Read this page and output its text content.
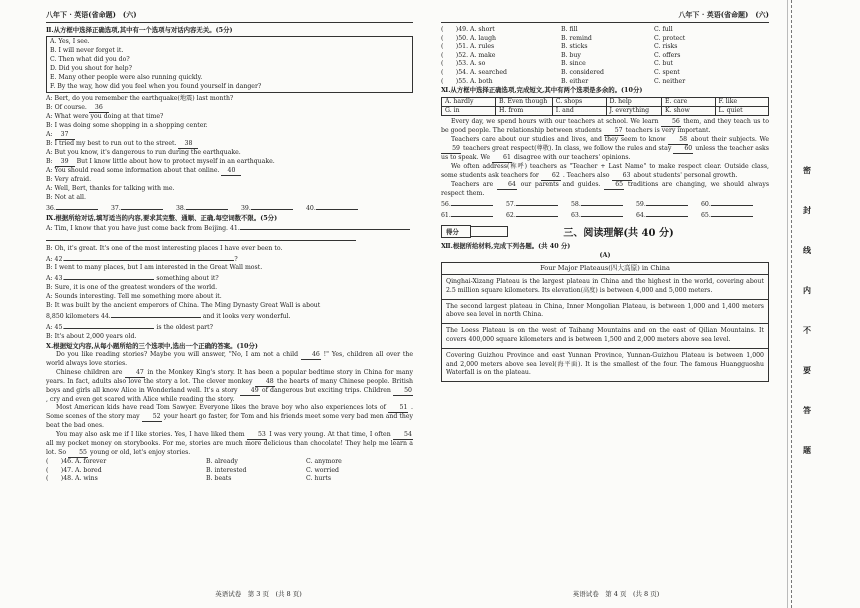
八年下 · 英语(省命题)　(六)
Ⅱ.从方框中选择正确选项,其中有一个选项与对话内容无关。(5分)
A. Yes, I see.
B. I will never forget it.
C. Then what did you do?
D. Did you shout for help?
E. Many other people were also running quickly.
F. By the way, how did you feel when you found yourself in danger?
A: Bert, do you remember the earthquake(地震) last month?
B: Of course. 36
A: What were you doing at that time?
B: I was doing some shopping in a shopping center.
A: 37
B: I tried my best to run out to the street. 38
A: But you know, it's dangerous to run during the earthquake.
B: 39 But I know little about how to protect myself in an earthquake.
A: You should read some information about that online. 40
B: Very afraid.
A: Well, Bert, thanks for talking with me.
B: Not at all.
36.	37.	38.	39.	40.
Ⅸ.根据所给对话,填写适当的内容,要求其完整、通顺、正确,每空词数不限。(5分)
A: Tim, I know that you have just come back from Beijing. 41.
B: Oh, it's great. It's one of the most interesting places I have ever been to.
A: 42.	?
B: I went to many places, but I am interested in the Great Wall most.
A: 43.	something about it?
B: Sure, it is one of the greatest wonders of the world.
A: Sounds interesting. Tell me something more about it.
B: It was built by the ancient emperors of China. The Ming Dynasty Great Wall is about
8,850 kilometers 44.	and it looks very wonderful.
A: 45.	is the oldest part?
B: It's about 2,000 years old.
Ⅹ.根据短文内容,从每小题所给的三个选项中,选出一个正确的答案。(10分)
Do you like reading stories? Maybe you will answer, "No, I am not a child 46 !" Yes, children all over the world always love stories.
Chinese children are 47 in the Monkey King's story. It has been a popular bedtime story in China for many years. In fact, adults also love the story a lot. The clever monkey 48 the hearts of many Chinese people. British boys and girls all know Alice in Wonderland well. It's a story 49 of dangerous but exciting trips. Children 50 , cry and even get scared with Alice while reading the story.
Most American kids have read Tom Sawyer. Everyone likes the brave boy who also experiences lots of 51 . Some scenes of the story may 52 your heart go faster, for Tom and his friends meet some very bad men and they beat the bad ones.
You may also ask me if I like stories. Yes, I have liked them 53 I was very young. At that time, I often 54 all my pocket money on storybooks. For me, stories are much more delicious than chocolate! They help me learn a lot. So 55 young or old, let's enjoy stories.
(　　)46. A. forever	B. already	C. anymore
(　　)47. A. bored	B. interested	C. worried
(　　)48. A. wins	B. beats	C. hurts
英语试卷　第 3 页　(共 8 页)
八年下 · 英语(省命题)　(六)
(　　)49. A. short	B. fill	C. full
(　　)50. A. laugh	B. remind	C. protect
(　　)51. A. rules	B. sticks	C. risks
(　　)52. A. make	B. buy	C. offers
(　　)53. A. so	B. since	C. but
(　　)54. A. searched	B. considered	C. spent
(　　)55. A. both	B. either	C. neither
Ⅺ.从方框中选择正确选项,完成短文,其中有两个选项是多余的。(10分)
A. hardly	B. Even though	C. shops	D. help	E. care	F. like
G. in	H. from	I. and	J. everything	K. show	L. quiet
Every day, we spend hours with our teachers at school. We learn 56 them, and they teach us to be good people. The relationship between students 57 teachers is very important.
Teachers care about our studies and lives, and they seem to know 58 about their subjects. We 59 teachers great respect(尊敬). In class, we follow the rules and stay 60 unless the teacher asks us to speak. We 61 disagree with our teachers' opinions.
We often address(称呼) teachers as "Teacher + Last Name" to make respect clear. Outside class, some students ask teachers for 62 . Teachers also 63 about students' personal growth.
Teachers are 64 our parents and guides. 65 traditions are changing, we should always respect them.
56.	57.	58.	59.	60.
61.	62.	63.	64.	65.
得分	三、阅读理解(共 40 分)
Ⅻ.根据所给材料,完成下列各题。(共 40 分)
(A)
Four Major Plateaus(四大高原) in China
Qinghai-Xizang Plateau is the largest plateau in China and the highest in the world, covering about 2.5 million square kilometers. Its elevation(高度) is between 4,000 and 5,000 meters.
The second largest plateau in China, Inner Mongolian Plateau, is between 1,000 and 1,400 meters above sea level in north China.
The Loess Plateau is on the west of Taihang Mountains and on the east of Qilian Mountains. It covers 400,000 square kilometers and is between 1,500 and 2,000 meters above sea level.
Covering Guizhou Province and east Yunnan Province, Yunnan-Guizhou Plateau is between 1,000 and 2,000 meters above sea level(海平面). It is the smallest of the four. The famous Huangguoshu Waterfall is on the plateau.
英语试卷　第 4 页　(共 8 页)
密
封
线
内
不
要
答
题
